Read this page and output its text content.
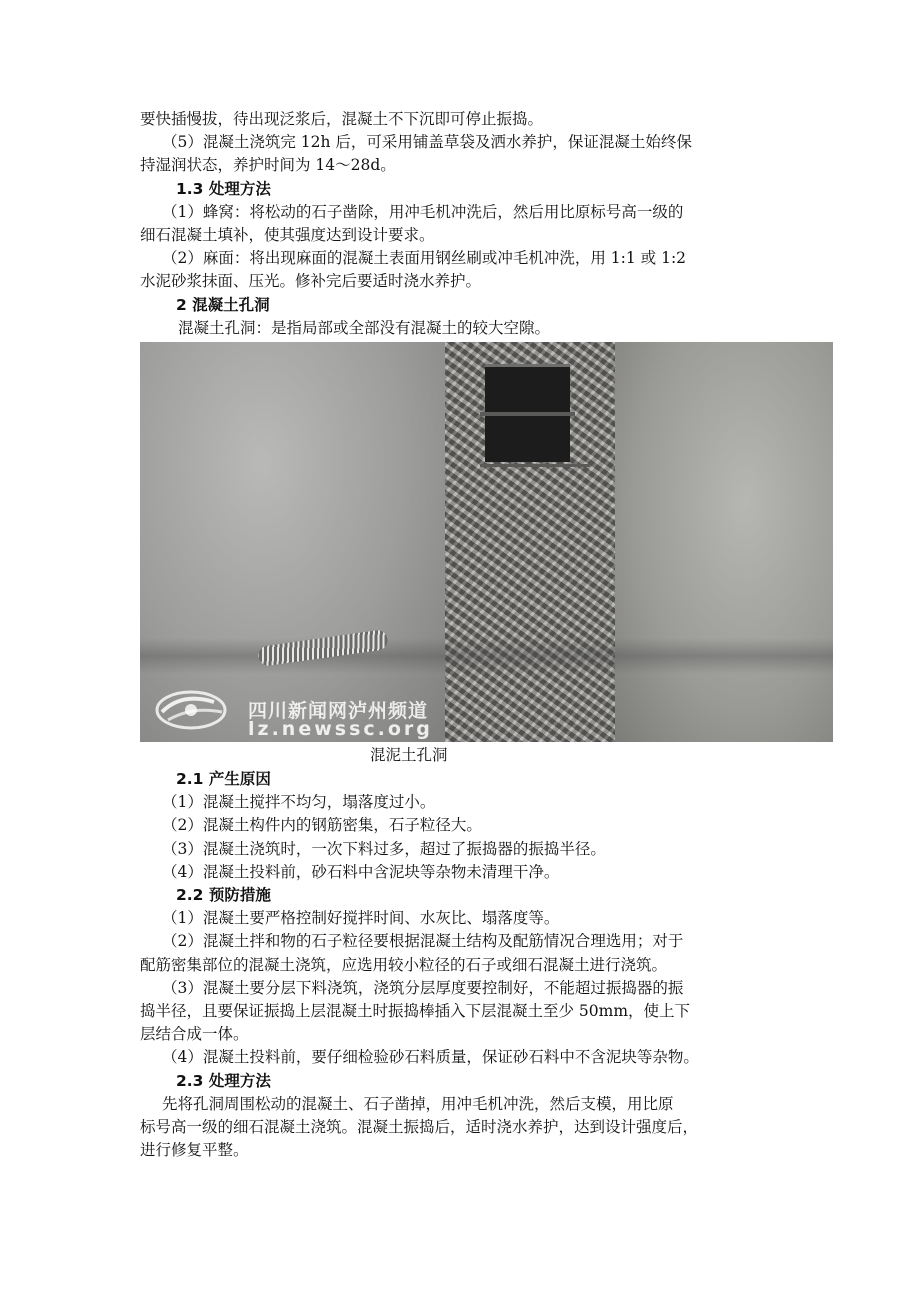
要快插慢拔，待出现泛浆后，混凝土不下沉即可停止振捣。
（5）混凝土浇筑完 12h 后，可采用铺盖草袋及洒水养护，保证混凝土始终保
持湿润状态，养护时间为 14～28d。
1.3 处理方法
（1）蜂窝：将松动的石子凿除，用冲毛机冲洗后，然后用比原标号高一级的
细石混凝土填补，使其强度达到设计要求。
（2）麻面：将出现麻面的混凝土表面用钢丝刷或冲毛机冲洗，用 1:1 或 1:2
水泥砂浆抹面、压光。修补完后要适时浇水养护。
2 混凝土孔洞
混凝土孔洞：是指局部或全部没有混凝土的较大空隙。
四川新闻网泸州频道
lz.newssc.org
混泥土孔洞
2.1 产生原因
（1）混凝土搅拌不均匀，塌落度过小。
（2）混凝土构件内的钢筋密集，石子粒径大。
（3）混凝土浇筑时，一次下料过多，超过了振捣器的振捣半径。
（4）混凝土投料前，砂石料中含泥块等杂物未清理干净。
2.2 预防措施
（1）混凝土要严格控制好搅拌时间、水灰比、塌落度等。
（2）混凝土拌和物的石子粒径要根据混凝土结构及配筋情况合理选用；对于
配筋密集部位的混凝土浇筑，应选用较小粒径的石子或细石混凝土进行浇筑。
（3）混凝土要分层下料浇筑，浇筑分层厚度要控制好，不能超过振捣器的振
捣半径，且要保证振捣上层混凝土时振捣棒插入下层混凝土至少 50mm，使上下
层结合成一体。
（4）混凝土投料前，要仔细检验砂石料质量，保证砂石料中不含泥块等杂物。
2.3 处理方法
先将孔洞周围松动的混凝土、石子凿掉，用冲毛机冲洗，然后支模，用比原
标号高一级的细石混凝土浇筑。混凝土振捣后，适时浇水养护，达到设计强度后，
进行修复平整。
